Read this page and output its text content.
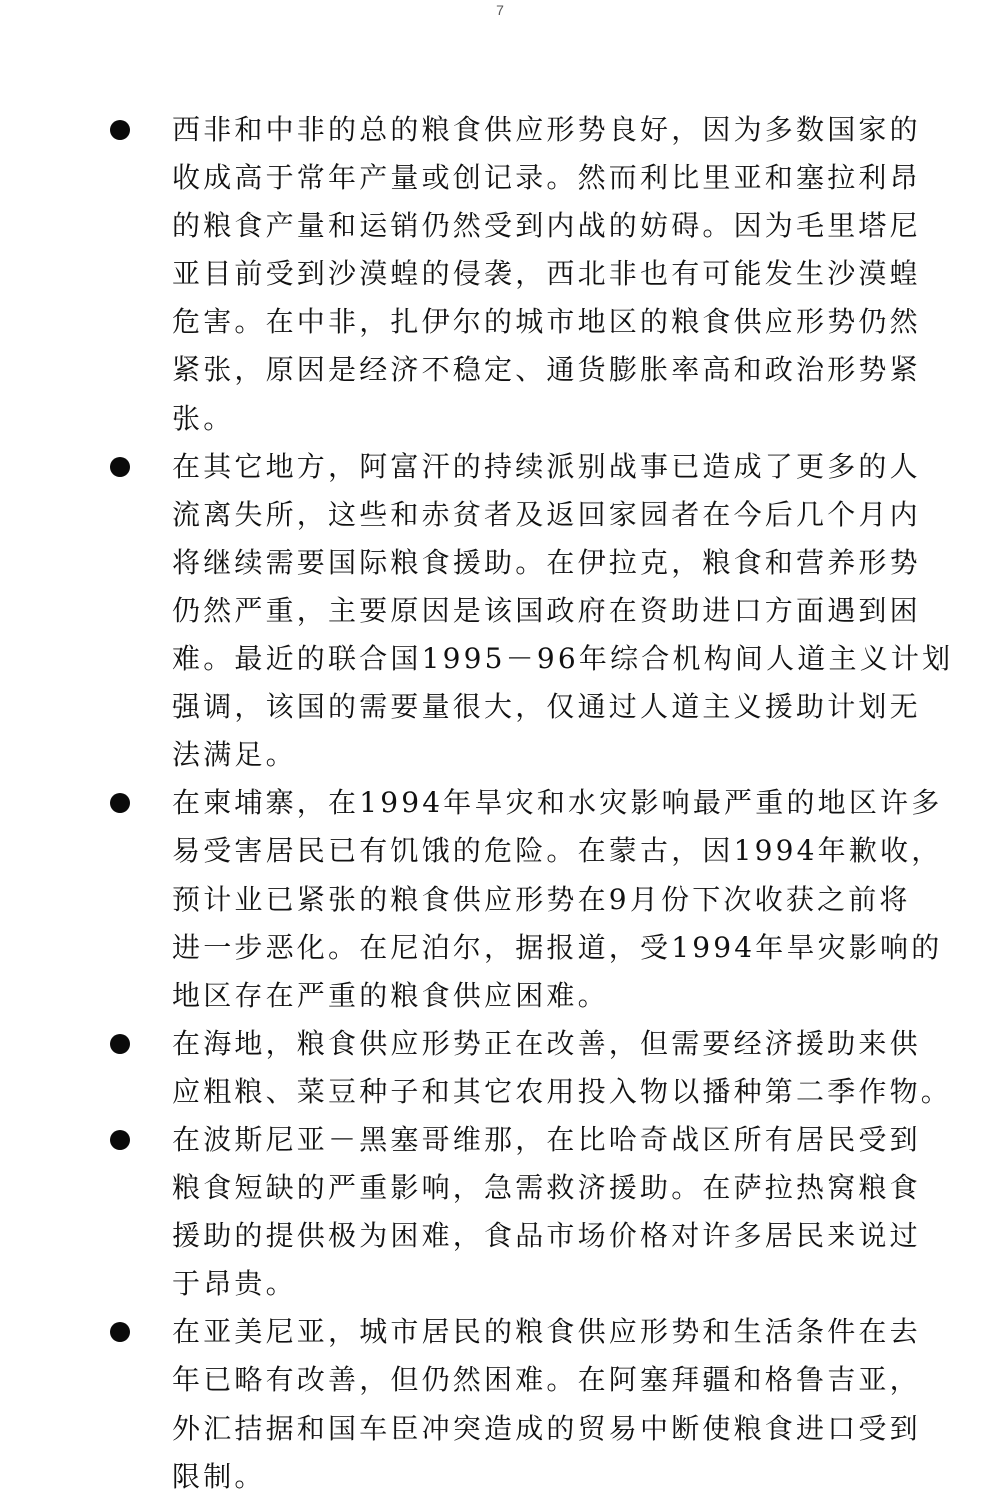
7
西非和中非的总的粮食供应形势良好，因为多数国家的
收成高于常年产量或创记录。然而利比里亚和塞拉利昂
的粮食产量和运销仍然受到内战的妨碍。因为毛里塔尼
亚目前受到沙漠蝗的侵袭，西北非也有可能发生沙漠蝗
危害。在中非，扎伊尔的城市地区的粮食供应形势仍然
紧张，原因是经济不稳定、通货膨胀率高和政治形势紧
张。
在其它地方，阿富汗的持续派别战事已造成了更多的人
流离失所，这些和赤贫者及返回家园者在今后几个月内
将继续需要国际粮食援助。在伊拉克，粮食和营养形势
仍然严重，主要原因是该国政府在资助进口方面遇到困
难。最近的联合国1995－96年综合机构间人道主义计划
强调，该国的需要量很大，仅通过人道主义援助计划无
法满足。
在柬埔寨，在1994年旱灾和水灾影响最严重的地区许多
易受害居民已有饥饿的危险。在蒙古，因1994年歉收，
预计业已紧张的粮食供应形势在9月份下次收获之前将
进一步恶化。在尼泊尔，据报道，受1994年旱灾影响的
地区存在严重的粮食供应困难。
在海地，粮食供应形势正在改善，但需要经济援助来供
应粗粮、菜豆种子和其它农用投入物以播种第二季作物。
在波斯尼亚－黑塞哥维那，在比哈奇战区所有居民受到
粮食短缺的严重影响，急需救济援助。在萨拉热窝粮食
援助的提供极为困难，食品市场价格对许多居民来说过
于昂贵。
在亚美尼亚，城市居民的粮食供应形势和生活条件在去
年已略有改善，但仍然困难。在阿塞拜疆和格鲁吉亚，
外汇拮据和国车臣冲突造成的贸易中断使粮食进口受到
限制。
